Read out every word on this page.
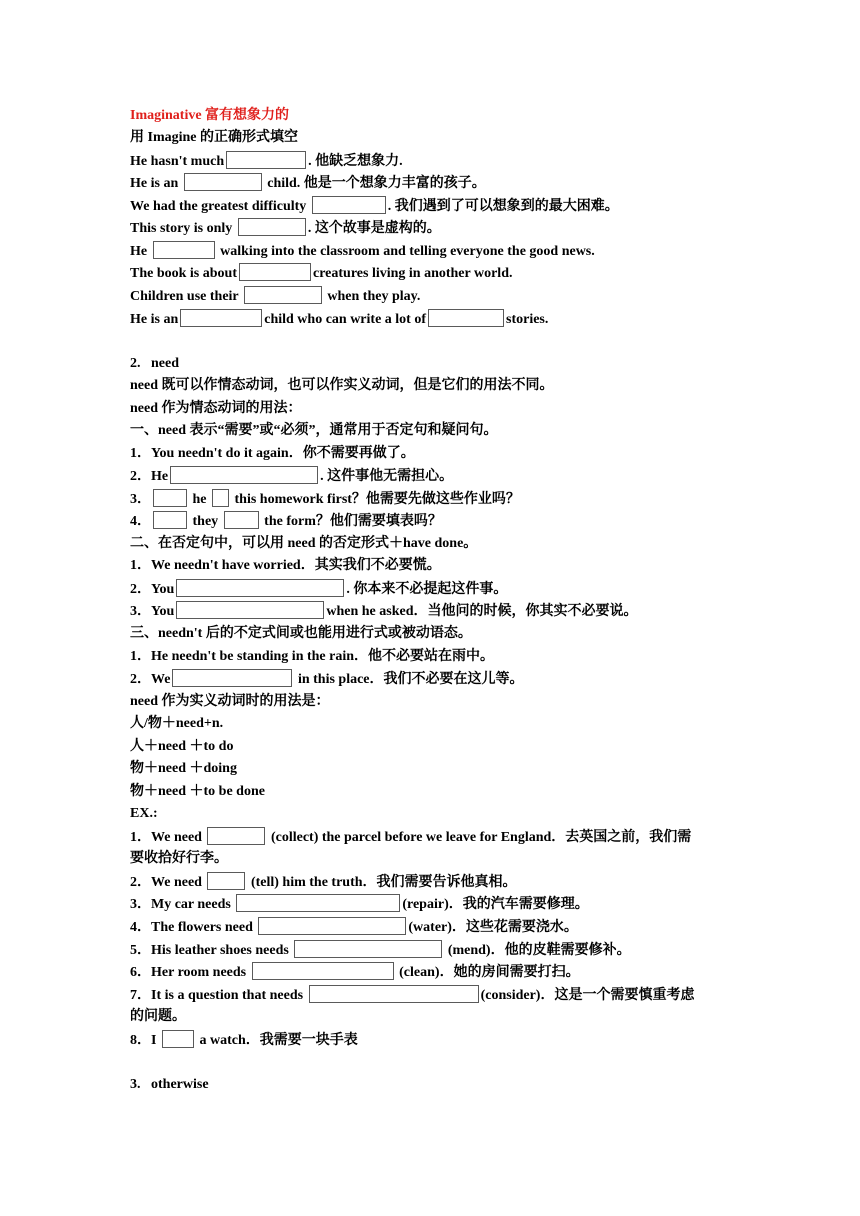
Imaginative 富有想象力的
用 Imagine 的正确形式填空
He hasn't much	. 他缺乏想象力.
He is an	child. 他是一个想象力丰富的孩子。
We had the greatest difficulty	. 我们遇到了可以想象到的最大困难。
This story is only	. 这个故事是虚构的。
He	walking into the classroom and telling everyone the good news.
The book is about	creatures living in another world.
Children use their	when they play.
He is an	child who can write a lot of	stories.
2. need
need 既可以作情态动词，也可以作实义动词，但是它们的用法不同。
need 作为情态动词的用法：
一、need 表示“需要”或“必须”，通常用于否定句和疑问句。
1．You needn't do it again．你不需要再做了。
2．He	. 这件事他无需担心。
3．	he this homework first？他需要先做这些作业吗？
4．	they	the form？他们需要填表吗？
二、在否定句中，可以用 need 的否定形式＋have done。
1．We needn't have worried．其实我们不必要慌。
2．You	. 你本来不必提起这件事。
3．You	when he asked．当他问的时候，你其实不必要说。
三、needn't 后的不定式间或也能用进行式或被动语态。
1．He needn't be standing in the rain．他不必要站在雨中。
2．We	in this place．我们不必要在这儿等。
need 作为实义动词时的用法是：
人/物＋need+n.
人＋need ＋to do
物＋need ＋doing
物＋need ＋to be done
EX.:
1．We need	(collect) the parcel before we leave for England．去英国之前，我们需
要收拾好行李。
2．We need	(tell) him the truth．我们需要告诉他真相。
3．My car needs	(repair)．我的汽车需要修理。
4．The flowers need	(water)．这些花需要浇水。
5．His leather shoes needs	(mend)．他的皮鞋需要修补。
6．Her room needs	(clean)．她的房间需要打扫。
7．It is a question that needs	(consider)．这是一个需要慎重考虑
的问题。
8．I	a watch．我需要一块手表
3. otherwise
